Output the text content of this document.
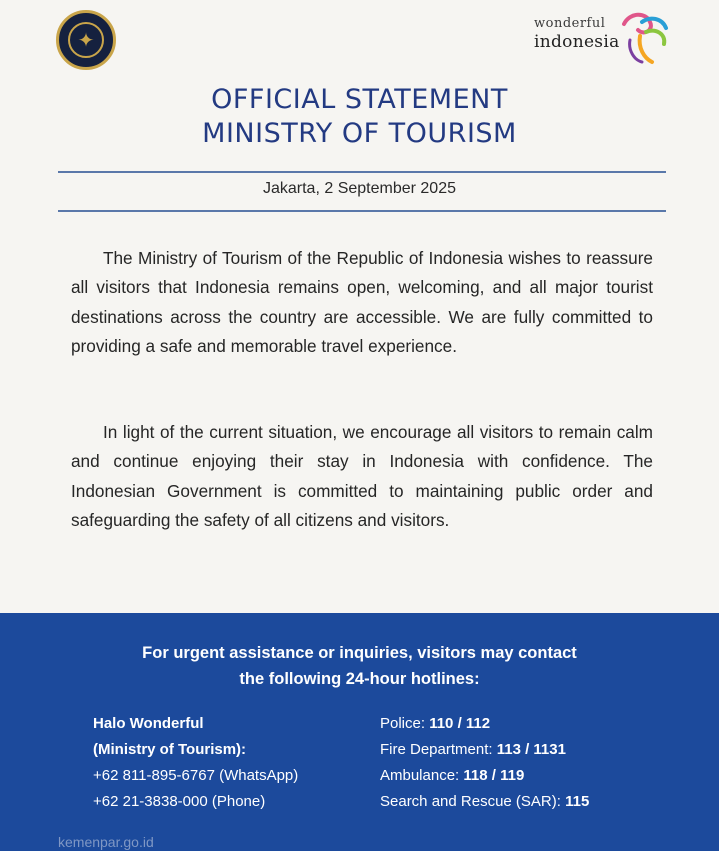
✦
wonderful
indonesia
OFFICIAL STATEMENT
MINISTRY OF TOURISM
Jakarta, 2 September 2025

The Ministry of Tourism of the Republic of Indonesia wishes to reassure all visitors that Indonesia remains open, welcoming, and all major tourist destinations across the country are accessible. We are fully committed to providing a safe and memorable travel experience.

In light of the current situation, we encourage all visitors to remain calm and continue enjoying their stay in Indonesia with confidence. The Indonesian Government is committed to maintaining public order and safeguarding the safety of all citizens and visitors.

For urgent assistance or inquiries, visitors may contact
the following 24-hour hotlines:
Halo Wonderful
(Ministry of Tourism):
+62 811-895-6767 (WhatsApp)
+62 21-3838-000 (Phone)
Police: 110 / 112
Fire Department: 113 / 1131
Ambulance: 118 / 119
Search and Rescue (SAR): 115
kemenpar.go.id
